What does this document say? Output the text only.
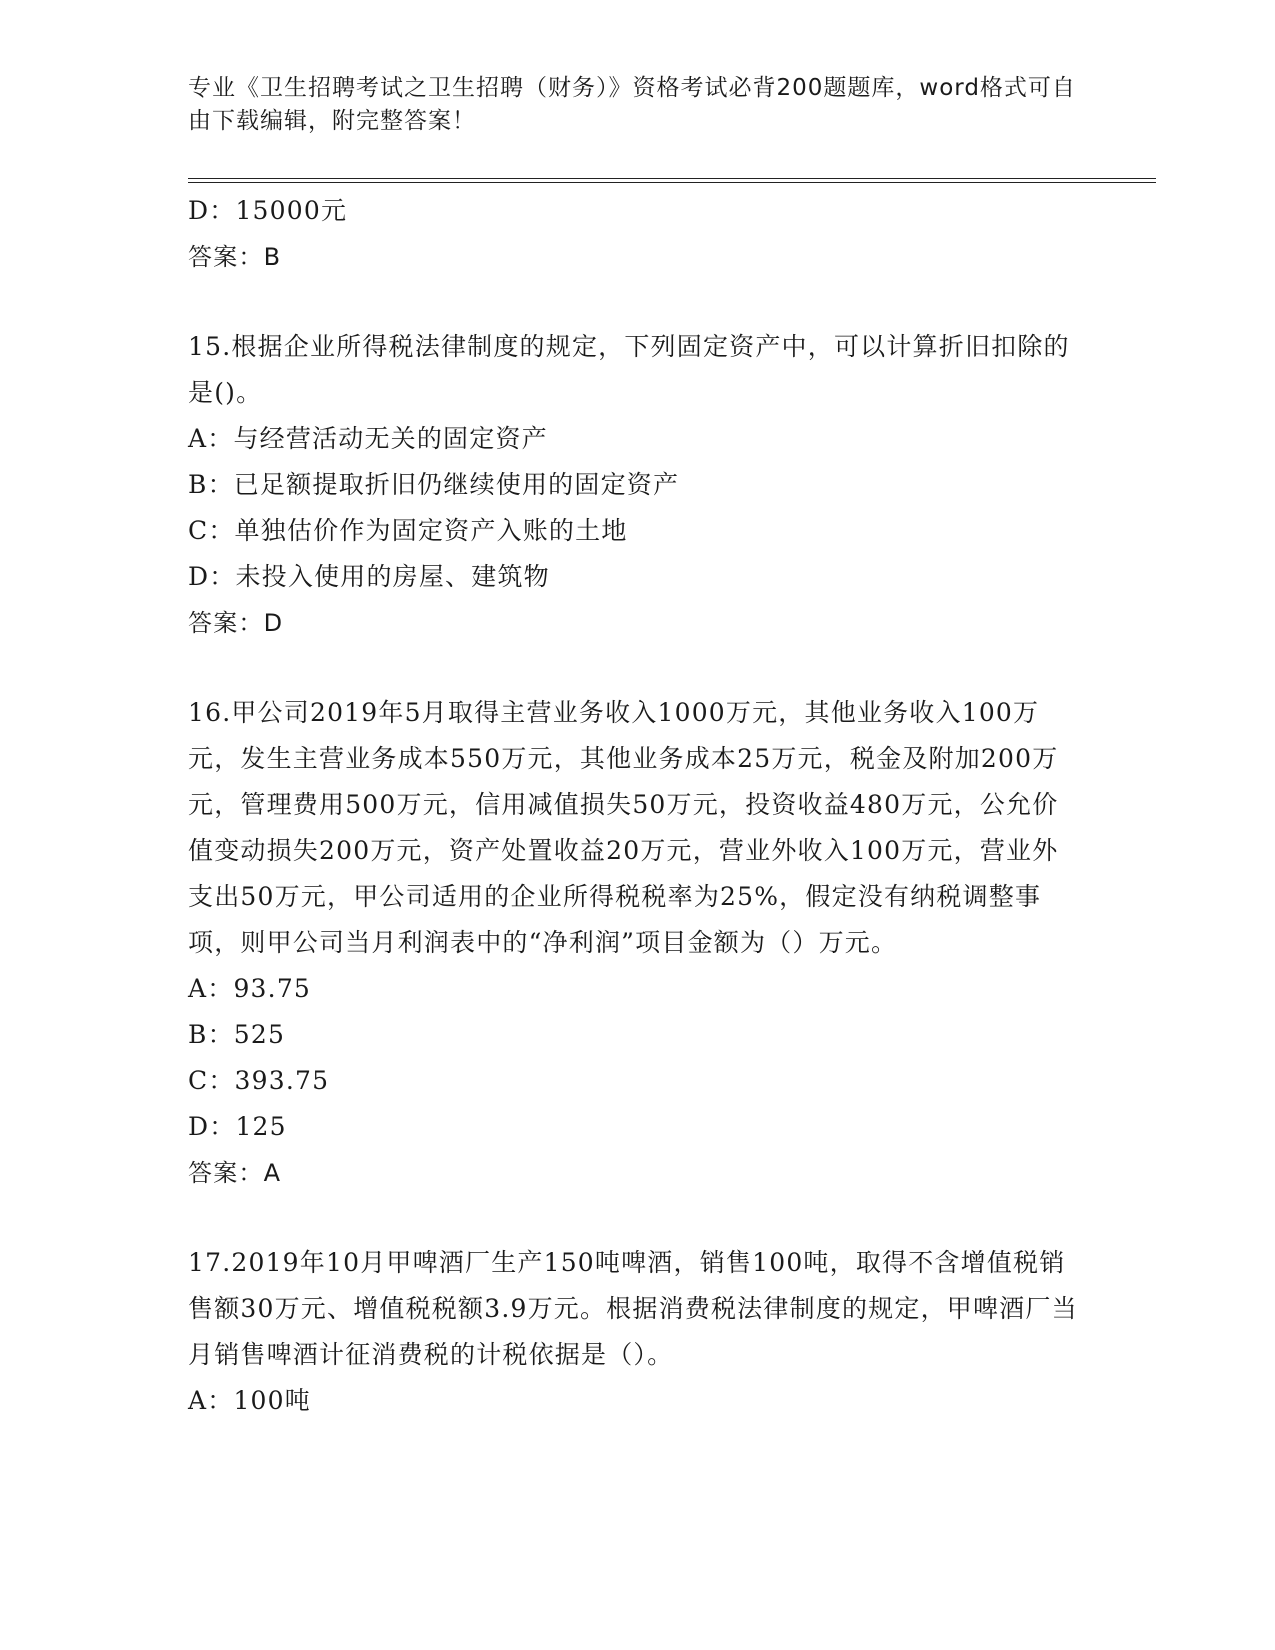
专业《卫生招聘考试之卫生招聘（财务）》资格考试必背200题题库，word格式可自由下载编辑，附完整答案！
D：15000元
答案：B
15.根据企业所得税法律制度的规定，下列固定资产中，可以计算折旧扣除的是()。
A：与经营活动无关的固定资产
B：已足额提取折旧仍继续使用的固定资产
C：单独估价作为固定资产入账的土地
D：未投入使用的房屋、建筑物
答案：D
16.甲公司2019年5月取得主营业务收入1000万元，其他业务收入100万元，发生主营业务成本550万元，其他业务成本25万元，税金及附加200万元，管理费用500万元，信用减值损失50万元，投资收益480万元，公允价值变动损失200万元，资产处置收益20万元，营业外收入100万元，营业外支出50万元，甲公司适用的企业所得税税率为25%，假定没有纳税调整事项，则甲公司当月利润表中的“净利润”项目金额为（）万元。
A：93.75
B：525
C：393.75
D：125
答案：A
17.2019年10月甲啤酒厂生产150吨啤酒，销售100吨，取得不含增值税销售额30万元、增值税税额3.9万元。根据消费税法律制度的规定，甲啤酒厂当月销售啤酒计征消费税的计税依据是（）。
A：100吨
